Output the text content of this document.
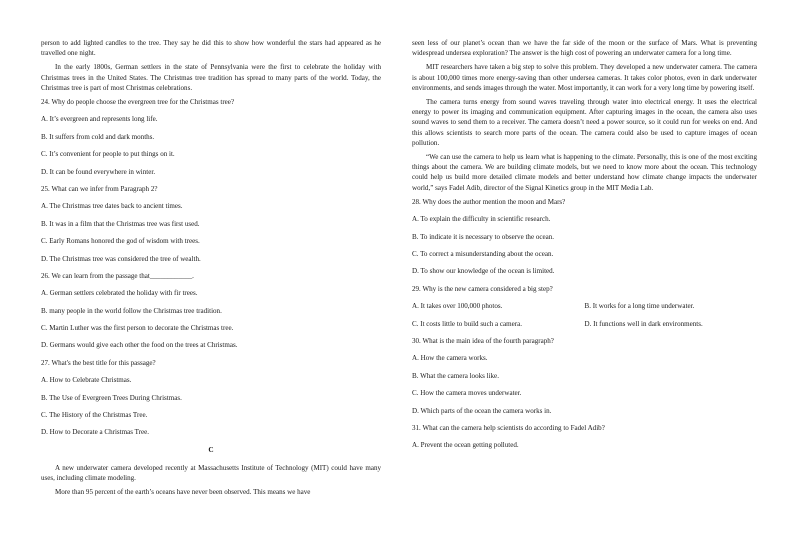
person to add lighted candles to the tree. They say he did this to show how wonderful the stars had appeared as he travelled one night.

In the early 1800s, German settlers in the state of Pennsylvania were the first to celebrate the holiday with Christmas trees in the United States. The Christmas tree tradition has spread to many parts of the world. Today, the Christmas tree is part of most Christmas celebrations.

24. Why do people choose the evergreen tree for the Christmas tree?
A. It’s evergreen and represents long life.
B. It suffers from cold and dark months.
C. It’s convenient for people to put things on it.
D. It can be found everywhere in winter.
25. What can we infer from Paragraph 2?
A. The Christmas tree dates back to ancient times.
B. It was in a film that the Christmas tree was first used.
C. Early Romans honored the god of wisdom with trees.
D. The Christmas tree was considered the tree of wealth.
26. We can learn from the passage that____________.
A. German settlers celebrated the holiday with fir trees.
B. many people in the world follow the Christmas tree tradition.
C. Martin Luther was the first person to decorate the Christmas tree.
D. Germans would give each other the food on the trees at Christmas.
27. What's the best title for this passage?
A. How to Celebrate Christmas.
B. The Use of Evergreen Trees During Christmas.
C. The History of the Christmas Tree.
D. How to Decorate a Christmas Tree.
C

A new underwater camera developed recently at Massachusetts Institute of Technology (MIT) could have many uses, including climate modeling.

More than 95 percent of the earth’s oceans have never been observed. This means we have

seen less of our planet’s ocean than we have the far side of the moon or the surface of Mars. What is preventing widespread undersea exploration? The answer is the high cost of powering an underwater camera for a long time.

MIT researchers have taken a big step to solve this problem. They developed a new underwater camera. The camera is about 100,000 times more energy-saving than other undersea cameras. It takes color photos, even in dark underwater environments, and sends images through the water. Most importantly, it can work for a very long time by powering itself.

The camera turns energy from sound waves traveling through water into electrical energy. It uses the electrical energy to power its imaging and communication equipment. After capturing images in the ocean, the camera also uses sound waves to send them to a receiver. The camera doesn’t need a power source, so it could run for weeks on end. And this allows scientists to search more parts of the ocean. The camera could also be used to capture images of ocean pollution.

“We can use the camera to help us learn what is happening to the climate. Personally, this is one of the most exciting things about the camera. We are building climate models, but we need to know more about the ocean. This technology could help us build more detailed climate models and better understand how climate change impacts the underwater world,” says Fadel Adib, director of the Signal Kinetics group in the MIT Media Lab.

28. Why does the author mention the moon and Mars?
A. To explain the difficulty in scientific research.
B. To indicate it is necessary to observe the ocean.
C. To correct a misunderstanding about the ocean.
D. To show our knowledge of the ocean is limited.
29. Why is the new camera considered a big step?
A. It takes over 100,000 photos.	B. It works for a long time underwater.
C. It costs little to build such a camera.	D. It functions well in dark environments.
30. What is the main idea of the fourth paragraph?
A. How the camera works.
B. What the camera looks like.
C. How the camera moves underwater.
D. Which parts of the ocean the camera works in.
31. What can the camera help scientists do according to Fadel Adib?
A. Prevent the ocean getting polluted.
